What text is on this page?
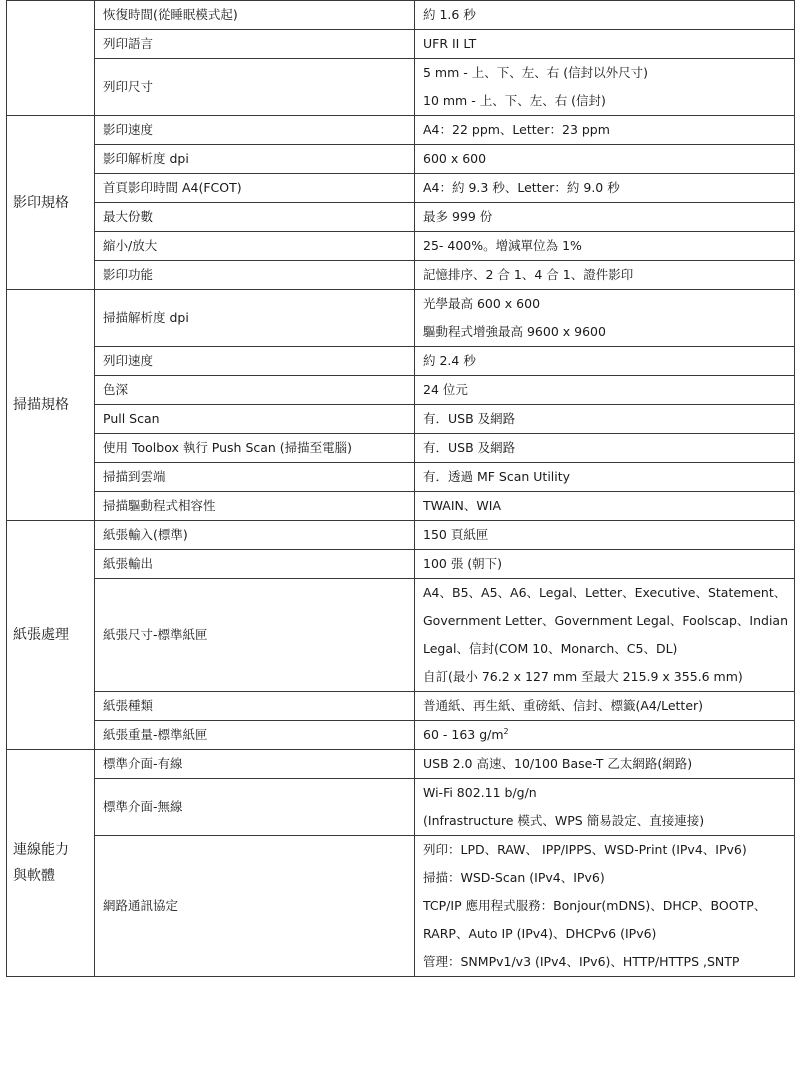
	恢復時間(從睡眠模式起)	約 1.6 秒

	列印語言	UFR II LT

	列印尺寸	5 mm - 上、下、左、右 (信封以外尺寸)
10 mm - 上、下、左、右 (信封)

影印規格	影印速度	A4：22 ppm、Letter：23 ppm

	影印解析度 dpi	600 x 600

	首頁影印時間 A4(FCOT)	A4：約 9.3 秒、Letter：約 9.0 秒

	最大份數	最多 999 份

	縮小/放大	25- 400%。增減單位為 1%

	影印功能	記憶排序、2 合 1、4 合 1、證件影印

掃描規格	掃描解析度 dpi	光學最高 600 x 600
驅動程式增強最高 9600 x 9600

	列印速度	約 2.4 秒

	色深	24 位元

	Pull Scan	有．USB 及網路

	使用 Toolbox 執行 Push Scan (掃描至電腦)	有．USB 及網路

	掃描到雲端	有．透過 MF Scan Utility

	掃描驅動程式相容性	TWAIN、WIA

紙張處理	紙張輸入(標準)	150 頁紙匣

	紙張輸出	100 張 (朝下)

	紙張尺寸-標準紙匣	A4、B5、A5、A6、Legal、Letter、Executive、Statement、
Government Letter、Government Legal、Foolscap、Indian
Legal、信封(COM 10、Monarch、C5、DL)
自訂(最小 76.2 x 127 mm 至最大 215.9 x 355.6 mm)

	紙張種類	普通紙、再生紙、重磅紙、信封、標籤(A4/Letter)

	紙張重量-標準紙匣	60 - 163 $g/m^2$

連線能力
與軟體	標準介面-有線	USB 2.0 高速、10/100 Base-T 乙太網路(網路)

	標準介面-無線	Wi-Fi 802.11 b/g/n
(Infrastructure 模式、WPS 簡易設定、直接連接)

	網路通訊協定	列印：LPD、RAW、 IPP/IPPS、WSD-Print (IPv4、IPv6)
掃描：WSD-Scan (IPv4、IPv6)
TCP/IP 應用程式服務：Bonjour(mDNS)、DHCP、BOOTP、
RARP、Auto IP (IPv4)、DHCPv6 (IPv6)
管理：SNMPv1/v3 (IPv4、IPv6)、HTTP/HTTPS ,SNTP
